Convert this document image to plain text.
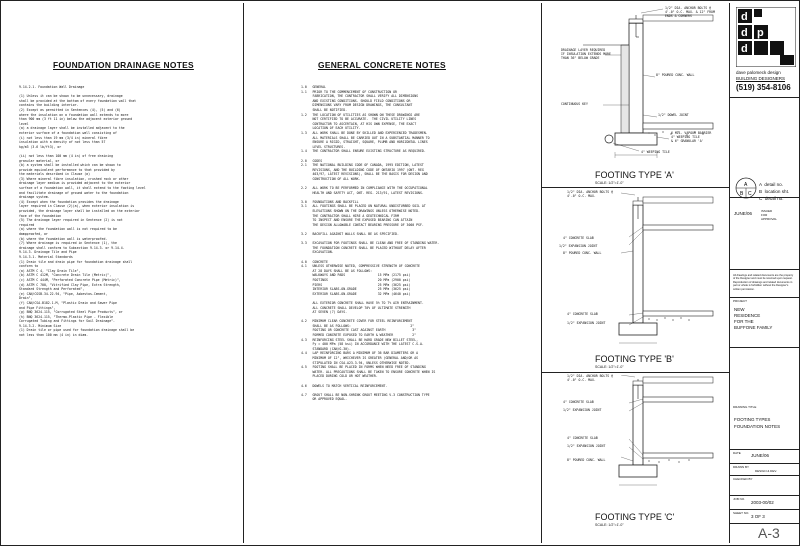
FOUNDATION DRAINAGE NOTES
9.14.2.1. Foundation Wall Drainage

(1) Unless it can be shown to be unnecessary, drainage
shall be provided at the bottom of every foundation wall that
contains the building interior.
(2) Except as permitted in Sentences (4), (5) and (6)
where the insulation on a foundation wall extends to more
than 900 mm (3 ft 11 in) below the adjacent exterior ground
level
(a) a drainage layer shall be installed adjacent to the
exterior surface of a foundation wall consisting of
(i) not less than 19 mm (3/4 in) mineral fibre
insulation with a density of not less than 57
kg/m3 (3.6 lb/ft3), or

(ii) not less than 100 mm (4 in) of free draining
granular material, or
(b) a system shall be installed which can be shown to
provide equivalent performance to that provided by
the materials described in Clause (a)
(3) Where mineral fibre insulation, crushed rock or other
drainage layer medium is provided adjacent to the exterior
surface of a foundation wall, it shall extend to the footing level
and facilitate drainage of ground water to the foundation
drainage system.
(4) Except when the foundation provides the drainage
layer required in Clause (2)(a), when exterior insulation is
provided, the drainage layer shall be installed on the exterior
face of the foundation
(5) The drainage layer required in Sentence (2) is not
required
(a) where the foundation wall is not required to be
dampproofed, or
(b) where the foundation wall is waterproofed.
(7) Where drainage is required in Sentence (1), the
drainage shall conform to Subsection 9.14.3. or 9.14.4.
9.14.3. Drainage Tile and Pipe
9.14.3.1. Material Standards
(1) Drain tile and drain pipe for foundation drainage shall
conform to
(a) ASTM C 4, "Clay Drain Tile",
(b) ASTM C 412M, "Concrete Drain Tile (Metric)",
(c) ASTM C 444M, "Perforated Concrete Pipe (Metric)",
(d) ASTM C 700, "Vitrified Clay Pipe, Extra Strength,
Standard Strength and Perforated",
(e) CAN/CGSB-34.22-94, "Pipe, Asbestos-Cement,
Drain",
(f) CAN/CSA-B182.1-M, "Plastic Drain and Sewer Pipe
and Pipe Fittings",
(g) BNQ 3624-115, "Corrugated Steel Pipe Products", or
(h) BNQ 3624-115, "Thermo-Plastic Pipe - Flexible
Corrugated Tubing and Fittings for Soil Drainage".
9.14.3.2. Minimum Size
(1) Drain tile or pipe used for foundation drainage shall be
not less than 100 mm (4 in) in diam.
GENERAL CONCRETE NOTES
1.0   GENERAL
1.1   PRIOR TO THE COMMENCEMENT OF CONSTRUCTION OR
FABRICATION, THE CONTRACTOR SHALL VERIFY ALL DIMENSIONS
AND EXISTING CONDITIONS. SHOULD FIELD CONDITIONS OR
DIMENSIONS VARY FROM DESIGN DRAWINGS, THE CONSULTANT
SHALL BE NOTIFIED.
1.2   THE LOCATION OF UTILITIES AS SHOWN ON THESE DRAWINGS ARE
NOT CERTIFIED TO BE ACCURATE.  THE CIVIL UTILITY LINES
CONTRACTOR TO ASCERTAIN, AT HIS OWN EXPENSE, THE EXACT
LOCATION OF EACH UTILITY.
1.3   ALL WORK SHALL BE DONE BY SKILLED AND EXPERIENCED TRADESMEN.
ALL MATERIALS SHALL BE CARRIED OUT IN A SUBSTANTIAL MANNER TO
ENSURE A RIGID, STRAIGHT, SQUARE, PLUMB AND HORIZONTAL LINES
LEVEL STRUCTURES.
1.4   THE CONTRACTOR SHALL ENSURE EXISTING STRUCTURE AS REQUIRED.

2.0   CODES
2.1   THE NATIONAL BUILDING CODE OF CANADA, 1995 EDITION, LATEST
REVISIONS, AND THE BUILDING CODE OF ONTARIO 1997 (ONT. REG
403/97, LATEST REVISIONS), SHALL BE THE BASIS FOR DESIGN AND
CONSTRUCTION OF ALL WORK.

2.2   ALL WORK TO BE PERFORMED IN COMPLIANCE WITH THE OCCUPATIONAL
HEALTH AND SAFETY ACT, ONT. REG. 213/91, LATEST REVISIONS.

3.0   FOUNDATIONS AND BACKFILL
3.1   ALL FOOTINGS SHALL BE PLACED ON NATURAL UNDISTURBED SOIL AT
ELEVATIONS SHOWN ON THE DRAWINGS UNLESS OTHERWISE NOTED.
THE CONTRACTOR SHALL HIRE A GEOTECHNICAL FIRM
TO INSPECT AND ENSURE THE EXPOSED BEARING CAN ATTAIN
THE DESIGN ALLOWABLE CONTACT BEARING PRESSURE OF 3000 PSF.

3.2   BACKFILL AGAINST WALLS SHALL BE AS SPECIFIED.

3.3   EXCAVATION FOR FOOTINGS SHALL BE CLEAN AND FREE OF STANDING WATER.
THE FOUNDATION CONCRETE SHALL BE PLACED WITHOUT DELAY AFTER
EXCAVATION.

4.0   CONCRETE
4.1   UNLESS OTHERWISE NOTED, COMPRESSIVE STRENGTH OF CONCRETE
AT 28 DAYS SHALL BE AS FOLLOWS:
WALKWAYS AND PADS                 15 MPa (2175 psi)
FOOTINGS                          20 MPa (2900 psi)
PIERS                             25 MPa (3625 psi)
INTERIOR SLABS-ON-GRADE           25 MPa (3625 psi)
EXTERIOR SLABS-ON-GRADE           32 MPa (4640 psi)

ALL EXTERIOR CONCRETE SHALL HAVE 5% TO 7% AIR ENTRAINMENT.
ALL CONCRETE SHALL DEVELOP 70% OF ULTIMATE STRENGTH
AT SEVEN (7) DAYS.

4.2   MINIMUM CLEAR CONCRETE COVER FOR STEEL REINFORCEMENT
SHALL BE AS FOLLOWS:                               2"
FOOTING OR CONCRETE CAST AGAINST EARTH              3"
FORMED CONCRETE EXPOSED TO EARTH & WEATHER          2"
4.3   REINFORCING STEEL SHALL BE HARD GRADE NEW BILLET STEEL,
Fy = 400 MPa (58 ksi) IN ACCORDANCE WITH THE LATEST C.S.A.
STANDARD (CAN/G-30).
4.4   LAP REINFORCING BARS A MINIMUM OF 36 BAR DIAMETERS OR A
MINIMUM OF 12", WHICHEVER IS GREATER (GENERAL AND/OR AS
STIPULATED IN CSA-A23.3-94, UNLESS OTHERWISE NOTED.
4.5   FOOTING SHALL BE PLACED IN FORMS WHEN NEED FREE OF STANDING
WATER. ALL PRECAUTIONS SHALL BE TAKEN TO ENSURE CONCRETE WHEN IS
PLACED DURING COLD OR HOT WEATHER.

4.6   DOWELS TO MATCH VERTICAL REINFORCEMENT.

4.7   GROUT SHALL BE NON-SHRINK GROUT MEETING V-3 CONSTRUCTION TYPE
OR APPROVED EQUAL.
1/2" DIA. ANCHOR BOLTS @
4'-0" O.C. MAX. & 12" FROM
ENDS & CORNERS
DRAINAGE LAYER REQUIRED
IF INSULATION EXTENDS MORE
THAN 36" BELOW GRADE
8" POURED CONC. WALL
CONTINUOUS KEY
1/2" DOWEL JOINT
6 MIL. VAPOUR BARRIER
4" WEEPING TILE
& 6" GRANULAR 'A'
4" WEEPING TILE
FOOTING TYPE 'A'
SCALE: 1/2"=1'-0"
1/2" DIA. ANCHOR BOLTS @
4'-0" O.C. MAX.
4" CONCRETE SLAB
1/2" EXPANSION JOINT
8" POURED CONC. WALL
4" CONCRETE SLAB
1/2" EXPANSION JOINT
FOOTING TYPE 'B'
SCALE: 1/2"=1'-0"
1/2" DIA. ANCHOR BOLTS @
4'-0" O.C. MAX.
4" CONCRETE SLAB
1/2" EXPANSION JOINT
4" CONCRETE SLAB
1/2" EXPANSION JOINT
8" POURED CONC. WALL
FOOTING TYPE 'C'
SCALE: 1/2"=1'-0"
d
d p
d
dave palomeck design
BUILDING DESIGNERS
(519) 354-8106
A
B C
A  detail no.
B  location sht.
C  detail no.
JUNE/06	ISSUED
FOR
APPROVAL
All drawings and related documents are the property
of the Designer and must be returned upon request.
Reproduction of drawings and related documents in
part or whole is forbidden without the Designer's
written permission.
PROJECT
NEW
RESIDENCE
FOR THE
BUFFONE FAMILY
DRAWING TITLE
FOOTING TYPES
FOUNDATION NOTES
DATE JUNE/06
DRAWN BY
DESIGN & DEV.
CHECKED BY
JOB NO.
2003-00/02
SHEET NO.
3 OF 3
A-3
